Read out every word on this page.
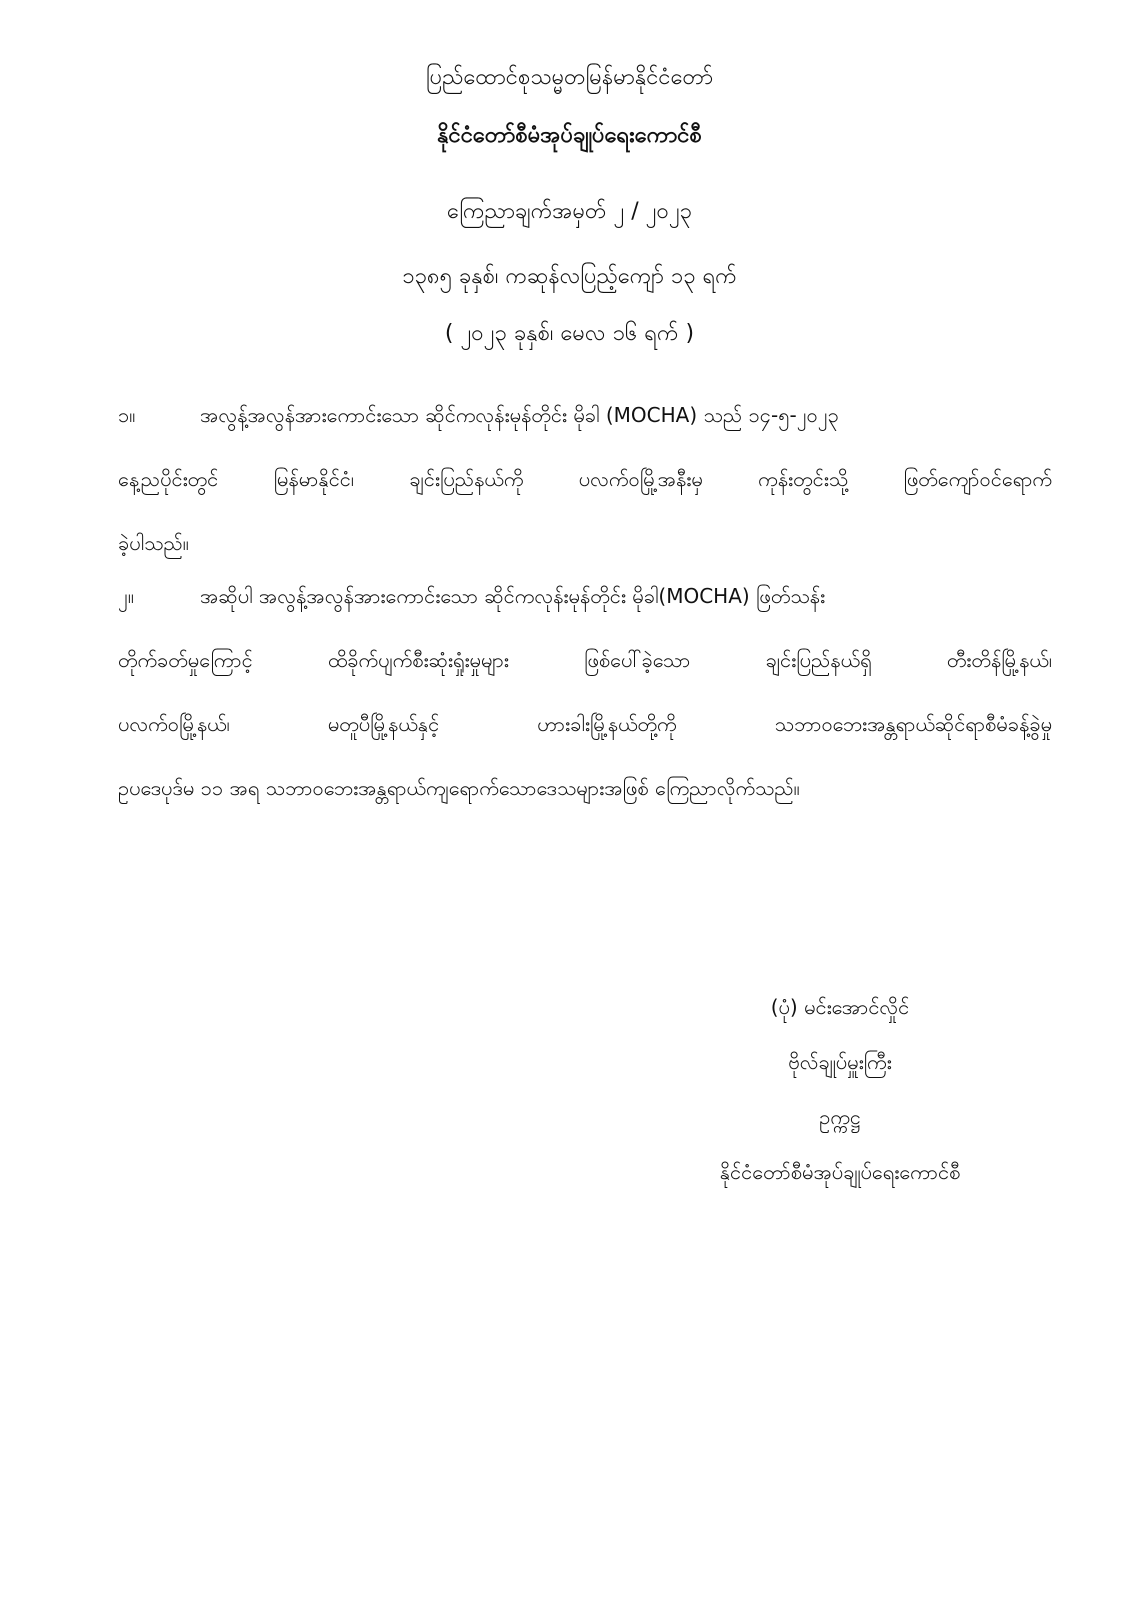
ပြည်ထောင်စုသမ္မတမြန်မာနိုင်ငံတော်
နိုင်ငံတော်စီမံအုပ်ချုပ်ရေးကောင်စီ
ကြေညာချက်အမှတ် ၂ / ၂၀၂၃
၁၃၈၅ ခုနှစ်၊ ကဆုန်လပြည့်ကျော် ၁၃ ရက်
( ၂၀၂၃ ခုနှစ်၊ မေလ ၁၆ ရက် )
၁။	အလွန့်အလွန်အားကောင်းသော ဆိုင်ကလုန်းမုန်တိုင်း မိုခါ (MOCHA) သည် ၁၄-၅-၂၀၂၃
နေ့ညပိုင်းတွင် မြန်မာနိုင်ငံ၊ ချင်းပြည်နယ်ကို ပလက်ဝမြို့အနီးမှ ကုန်းတွင်းသို့ ဖြတ်ကျော်ဝင်ရောက်
ခဲ့ပါသည်။
၂။	အဆိုပါ အလွန့်အလွန်အားကောင်းသော ဆိုင်ကလုန်းမုန်တိုင်း မိုခါ(MOCHA) ဖြတ်သန်း
တိုက်ခတ်မှုကြောင့် ထိခိုက်ပျက်စီးဆုံးရှုံးမှုများ ဖြစ်ပေါ်ခဲ့သော ချင်းပြည်နယ်ရှိ တီးတိန်မြို့နယ်၊
ပလက်ဝမြို့နယ်၊ မတူပီမြို့နယ်နှင့် ဟားခါးမြို့နယ်တို့ကို သဘာဝဘေးအန္တရာယ်ဆိုင်ရာစီမံခန့်ခွဲမှု
ဥပဒေပုဒ်မ ၁၁ အရ သဘာဝဘေးအန္တရာယ်ကျရောက်သောဒေသများအဖြစ် ကြေညာလိုက်သည်။
(ပုံ) မင်းအောင်လှိုင်
ဗိုလ်ချုပ်မှူးကြီး
ဥက္ကဋ္ဌ
နိုင်ငံတော်စီမံအုပ်ချုပ်ရေးကောင်စီ
